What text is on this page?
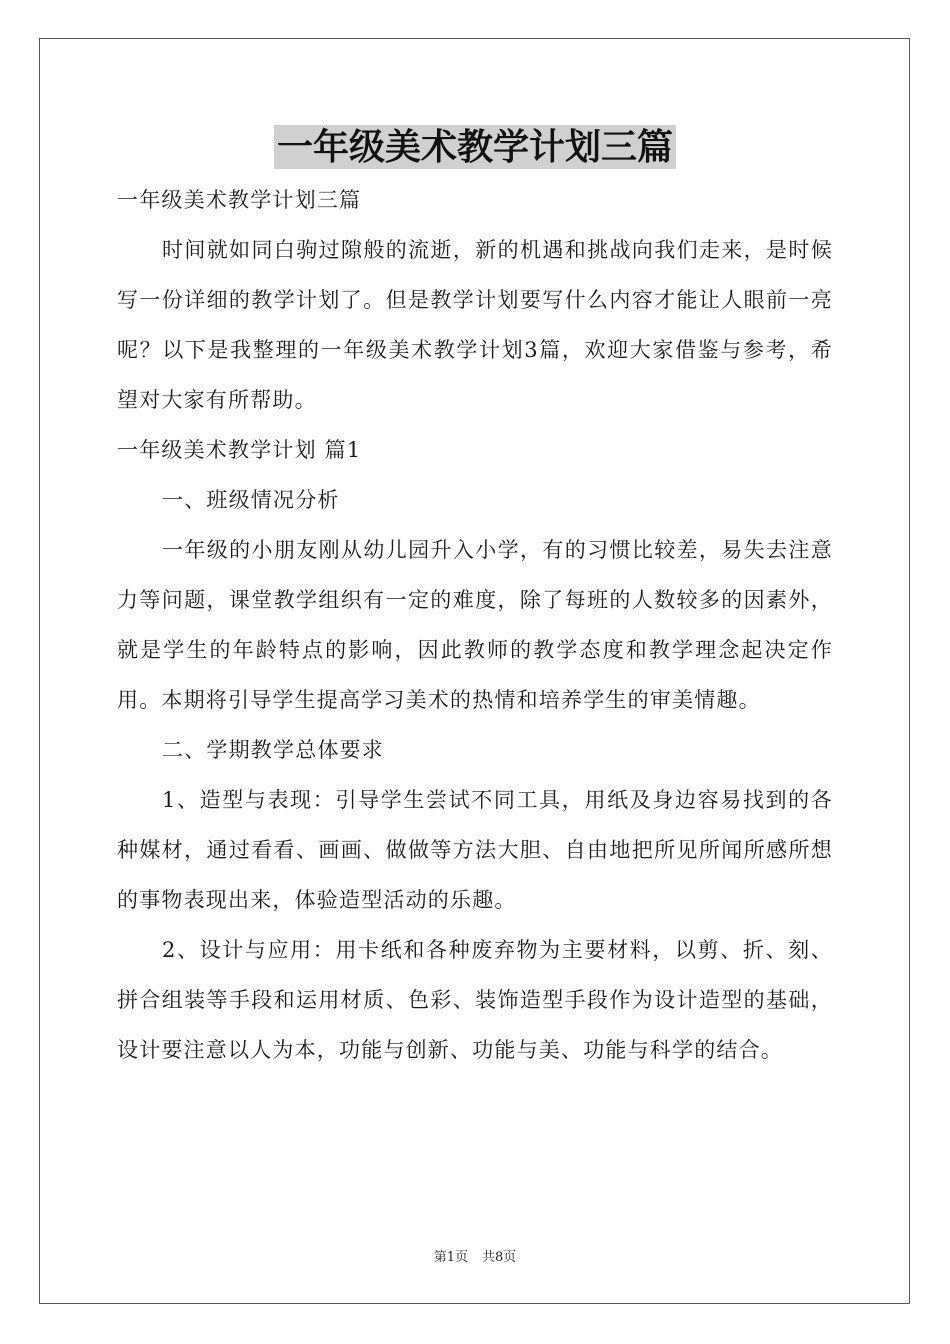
一年级美术教学计划三篇

一年级美术教学计划三篇

时间就如同白驹过隙般的流逝，新的机遇和挑战向我们走来，是时候写一份详细的教学计划了。但是教学计划要写什么内容才能让人眼前一亮呢？以下是我整理的一年级美术教学计划3篇，欢迎大家借鉴与参考，希望对大家有所帮助。

一年级美术教学计划 篇1

一、班级情况分析

一年级的小朋友刚从幼儿园升入小学，有的习惯比较差，易失去注意力等问题，课堂教学组织有一定的难度，除了每班的人数较多的因素外，就是学生的年龄特点的影响，因此教师的教学态度和教学理念起决定作用。本期将引导学生提高学习美术的热情和培养学生的审美情趣。

二、学期教学总体要求

1、造型与表现：引导学生尝试不同工具，用纸及身边容易找到的各种媒材，通过看看、画画、做做等方法大胆、自由地把所见所闻所感所想的事物表现出来，体验造型活动的乐趣。

2、设计与应用：用卡纸和各种废弃物为主要材料，以剪、折、刻、拼合组装等手段和运用材质、色彩、装饰造型手段作为设计造型的基础，设计要注意以人为本，功能与创新、功能与美、功能与科学的结合。

第1页 共8页
